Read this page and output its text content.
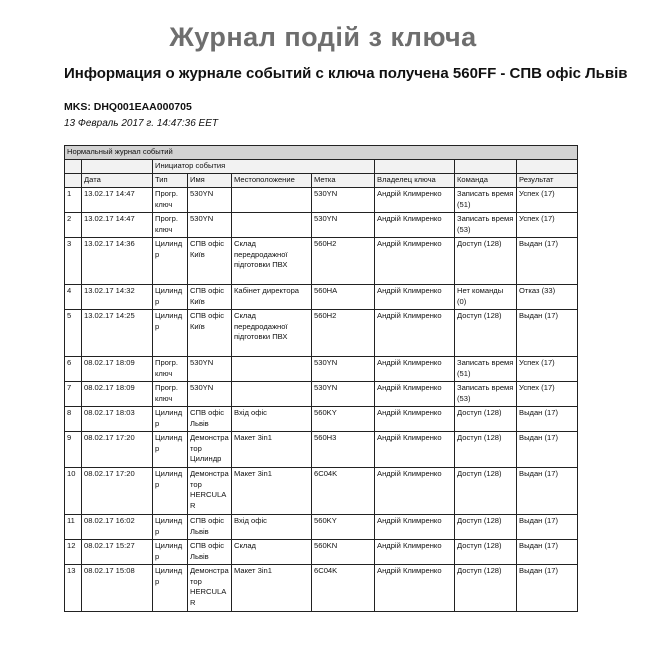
Журнал подій з ключа
Информация о журнале событий с ключа получена 560FF - СПВ офіс Львів
MKS: DHQ001EAA000705
13 Февраль 2017 г. 14:47:36 EET
Нормальный журнал событий								
		Инициатор события						
	Дата	Тип	Имя	Местоположение	Метка	Владелец ключа	Команда	Результат
1	13.02.17 14:47	Прогр. ключ	530YN		530YN	Андрій Климренко	Записать время (51)	Успех (17)
2	13.02.17 14:47	Прогр. ключ	530YN		530YN	Андрій Климренко	Записать время (53)	Успех (17)
3	13.02.17 14:36	Цилинд р	СПВ офіс Київ	Склад передродажної підготовки ПВХ	560H2	Андрій Климренко	Доступ (128)	Выдан (17)
4	13.02.17 14:32	Цилинд р	СПВ офіс Київ	Кабінет директора	560HA	Андрій Климренко	Нет команды (0)	Отказ (33)
5	13.02.17 14:25	Цилинд р	СПВ офіс Київ	Склад передродажної підготовки ПВХ	560H2	Андрій Климренко	Доступ (128)	Выдан (17)
6	08.02.17 18:09	Прогр. ключ	530YN		530YN	Андрій Климренко	Записать время (51)	Успех (17)
7	08.02.17 18:09	Прогр. ключ	530YN		530YN	Андрій Климренко	Записать время (53)	Успех (17)
8	08.02.17 18:03	Цилинд р	СПВ офіс Львів	Вхід офіс	560KY	Андрій Климренко	Доступ (128)	Выдан (17)
9	08.02.17 17:20	Цилинд р	Демонстра тор Цилиндр	Макет 3in1	560H3	Андрій Климренко	Доступ (128)	Выдан (17)
10	08.02.17 17:20	Цилинд р	Демонстра тор HERCULA R	Макет 3in1	6C04K	Андрій Климренко	Доступ (128)	Выдан (17)
11	08.02.17 16:02	Цилинд р	СПВ офіс Львів	Вхід офіс	560KY	Андрій Климренко	Доступ (128)	Выдан (17)
12	08.02.17 15:27	Цилинд р	СПВ офіс Львів	Склад	560KN	Андрій Климренко	Доступ (128)	Выдан (17)
13	08.02.17 15:08	Цилинд р	Демонстра тор HERCULA R	Макет 3in1	6C04K	Андрій Климренко	Доступ (128)	Выдан (17)
